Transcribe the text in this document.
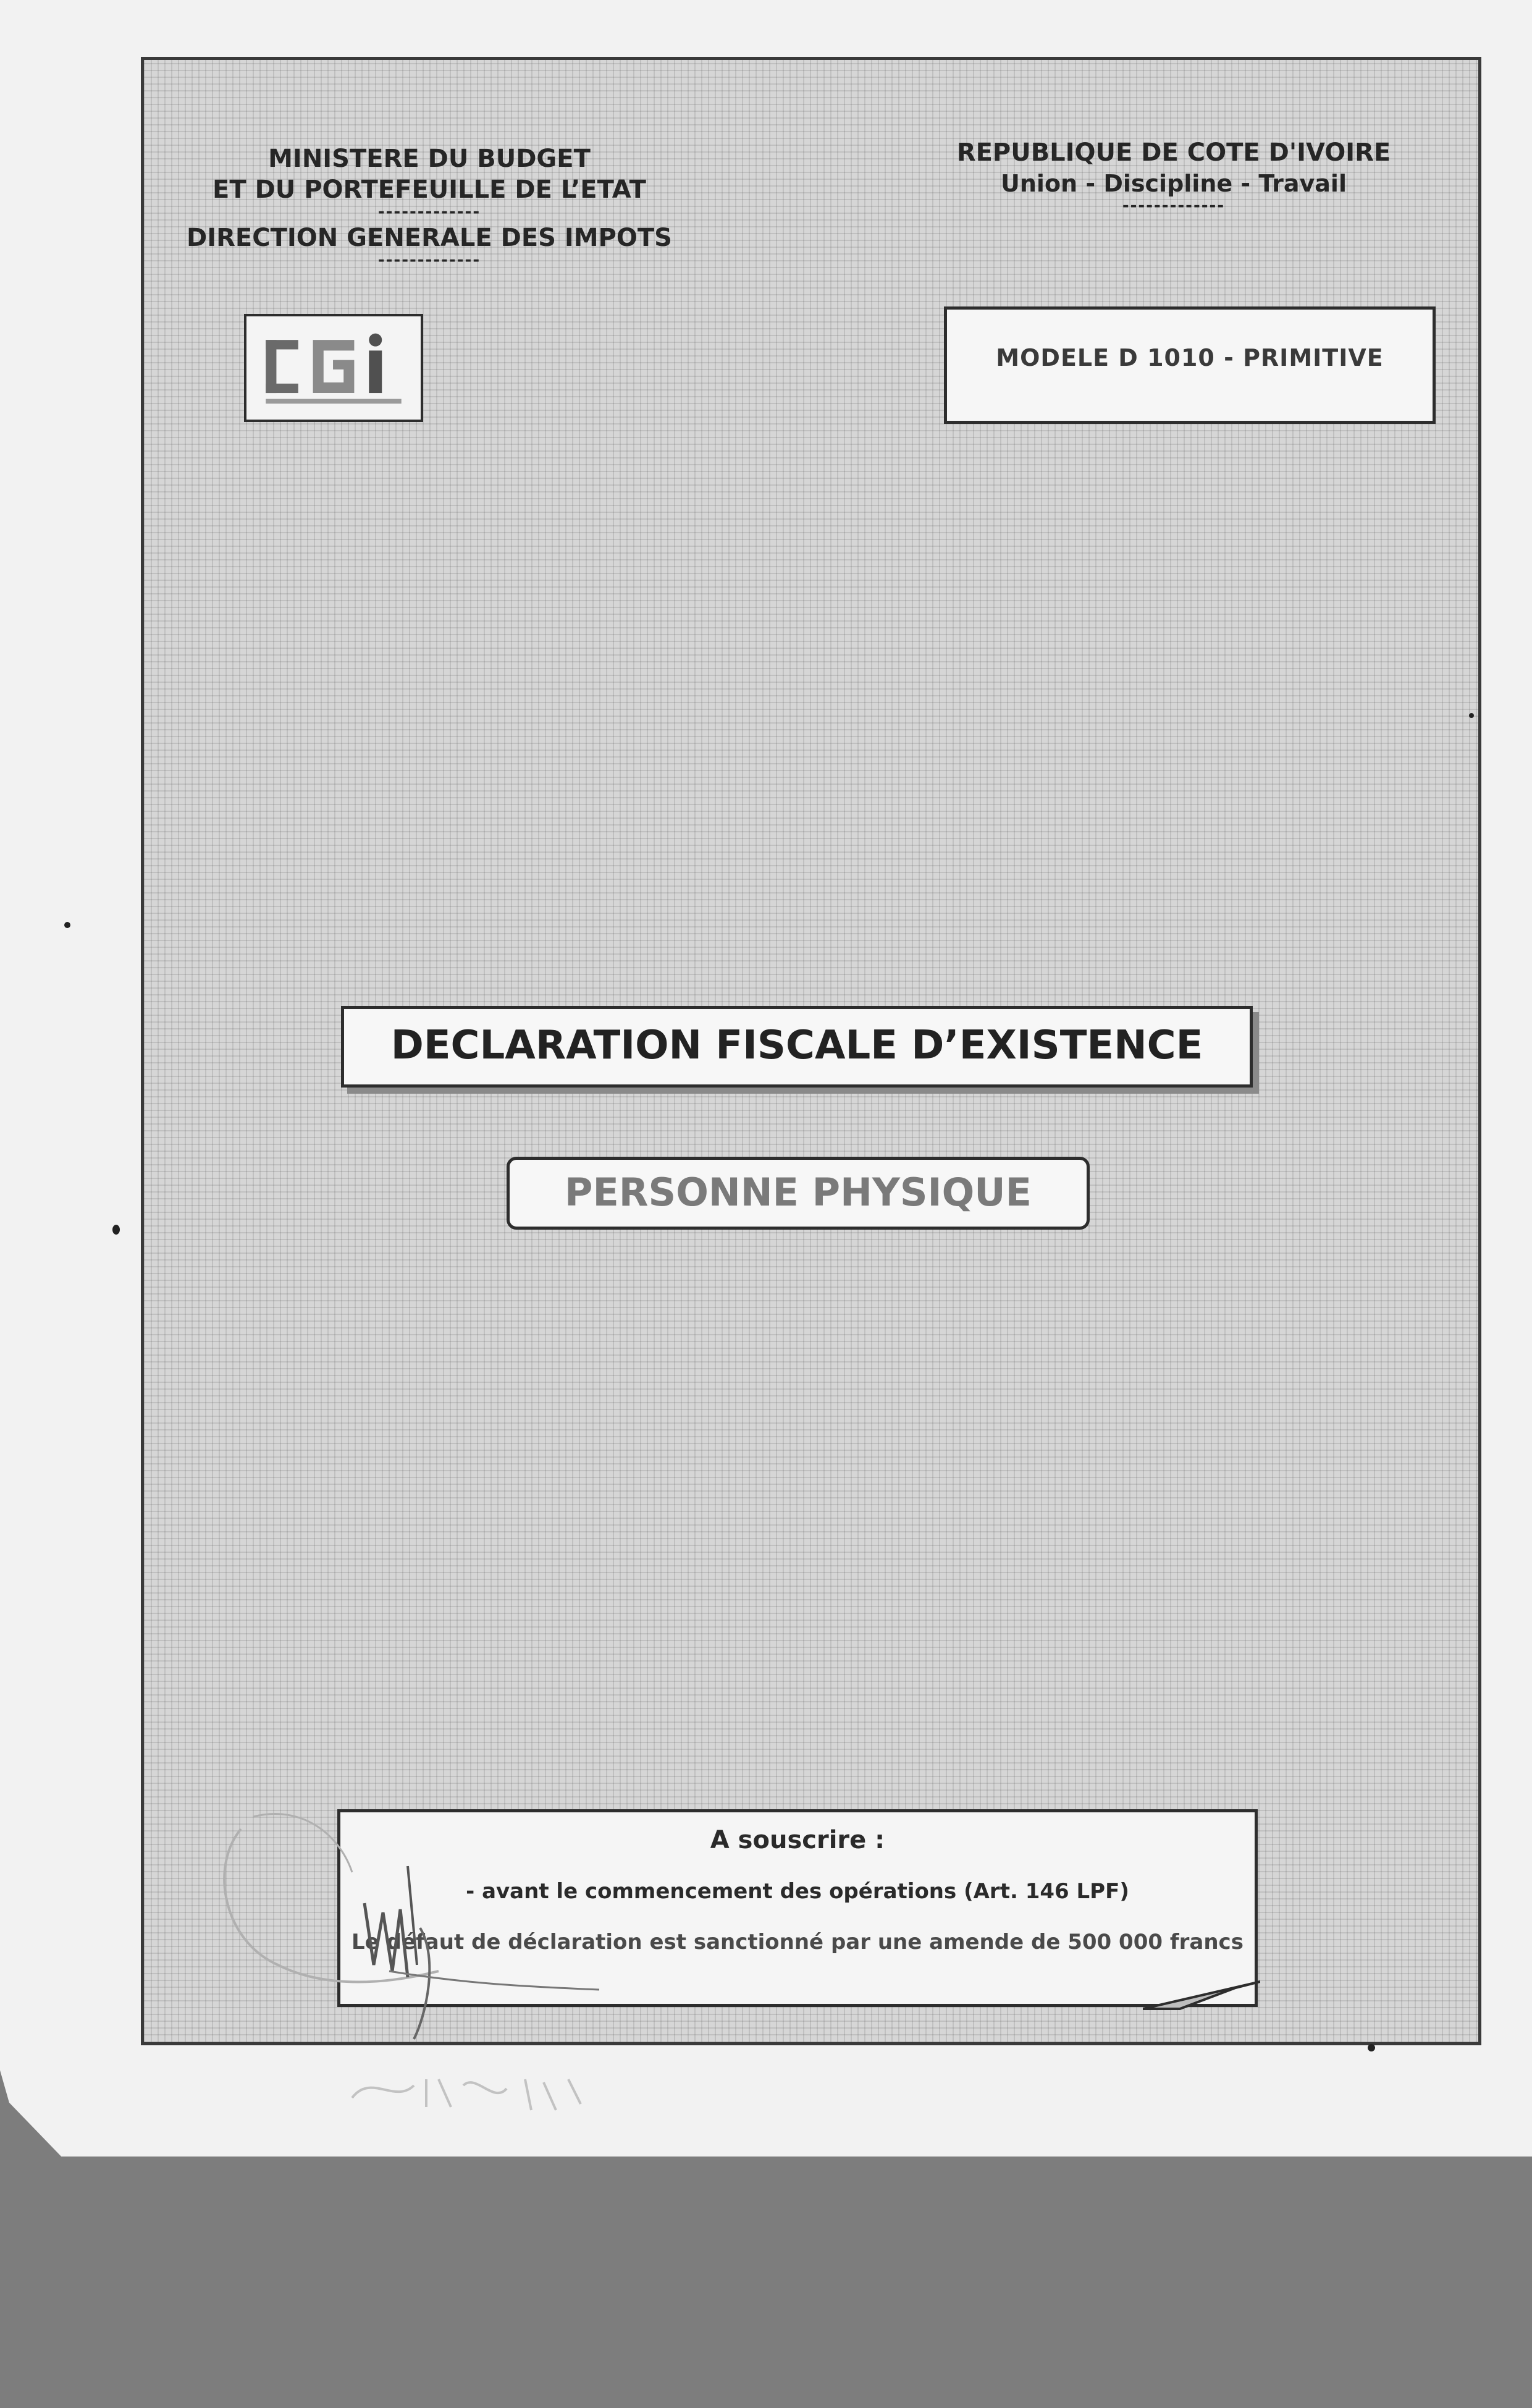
MINISTERE DU BUDGET
ET DU PORTEFEUILLE DE L’ETAT
-------------
DIRECTION GENERALE DES IMPOTS
-------------
REPUBLIQUE DE COTE D'IVOIRE
Union - Discipline - Travail
-------------
MODELE D 1010 - PRIMITIVE
DECLARATION FISCALE D’EXISTENCE
PERSONNE PHYSIQUE
A souscrire :
- avant le commencement des opérations (Art. 146 LPF)
Le défaut de déclaration est sanctionné par une amende de 500 000 francs
